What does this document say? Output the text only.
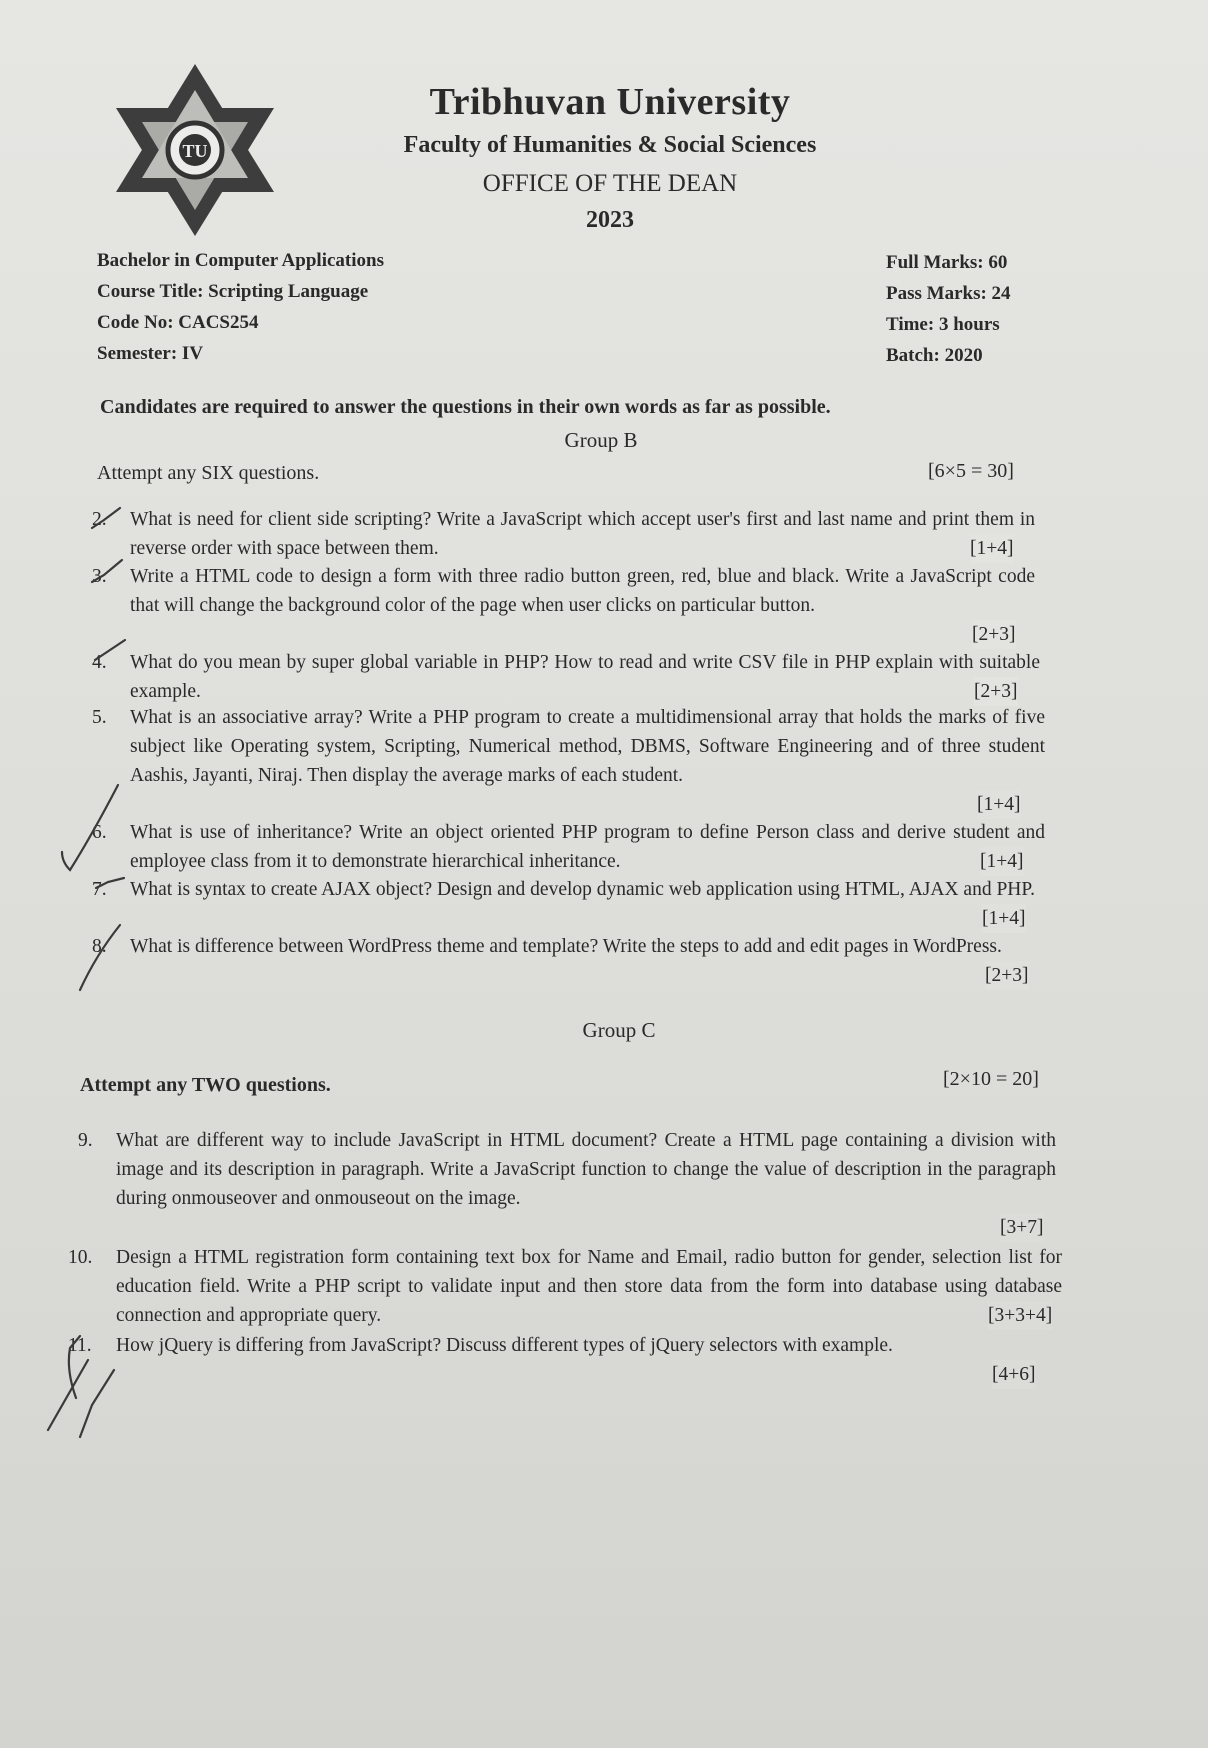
TU
Tribhuvan University
Faculty of Humanities & Social Sciences
OFFICE OF THE DEAN
2023
Bachelor in Computer Applications
Course Title: Scripting Language
Code No: CACS254
Semester: IV
Full Marks: 60
Pass Marks: 24
Time: 3 hours
Batch: 2020
Candidates are required to answer the questions in their own words as far as possible.
Group B
Attempt any SIX questions.	[6×5 = 30]
2. What is need for client side scripting? Write a JavaScript which accept user's first and last name and print them in reverse order with space between them.	[1+4]
3. Write a HTML code to design a form with three radio button green, red, blue and black. Write a JavaScript code that will change the background color of the page when user clicks on particular button.
[2+3]
4. What do you mean by super global variable in PHP? How to read and write CSV file in PHP explain with suitable example.	[2+3]
5. What is an associative array? Write a PHP program to create a multidimensional array that holds the marks of five subject like Operating system, Scripting, Numerical method, DBMS, Software Engineering and of three student Aashis, Jayanti, Niraj. Then display the average marks of each student.
[1+4]
6. What is use of inheritance? Write an object oriented PHP program to define Person class and derive student and employee class from it to demonstrate hierarchical inheritance.	[1+4]
7. What is syntax to create AJAX object? Design and develop dynamic web application using HTML, AJAX and PHP.
[1+4]
8. What is difference between WordPress theme and template? Write the steps to add and edit pages in WordPress.
[2+3]
Group C
Attempt any TWO questions.	[2×10 = 20]
9. What are different way to include JavaScript in HTML document? Create a HTML page containing a division with image and its description in paragraph. Write a JavaScript function to change the value of description in the paragraph during onmouseover and onmouseout on the image.
[3+7]
10. Design a HTML registration form containing text box for Name and Email, radio button for gender, selection list for education field. Write a PHP script to validate input and then store data from the form into database using database connection and appropriate query.	[3+3+4]
11. How jQuery is differing from JavaScript? Discuss different types of jQuery selectors with example.
[4+6]
